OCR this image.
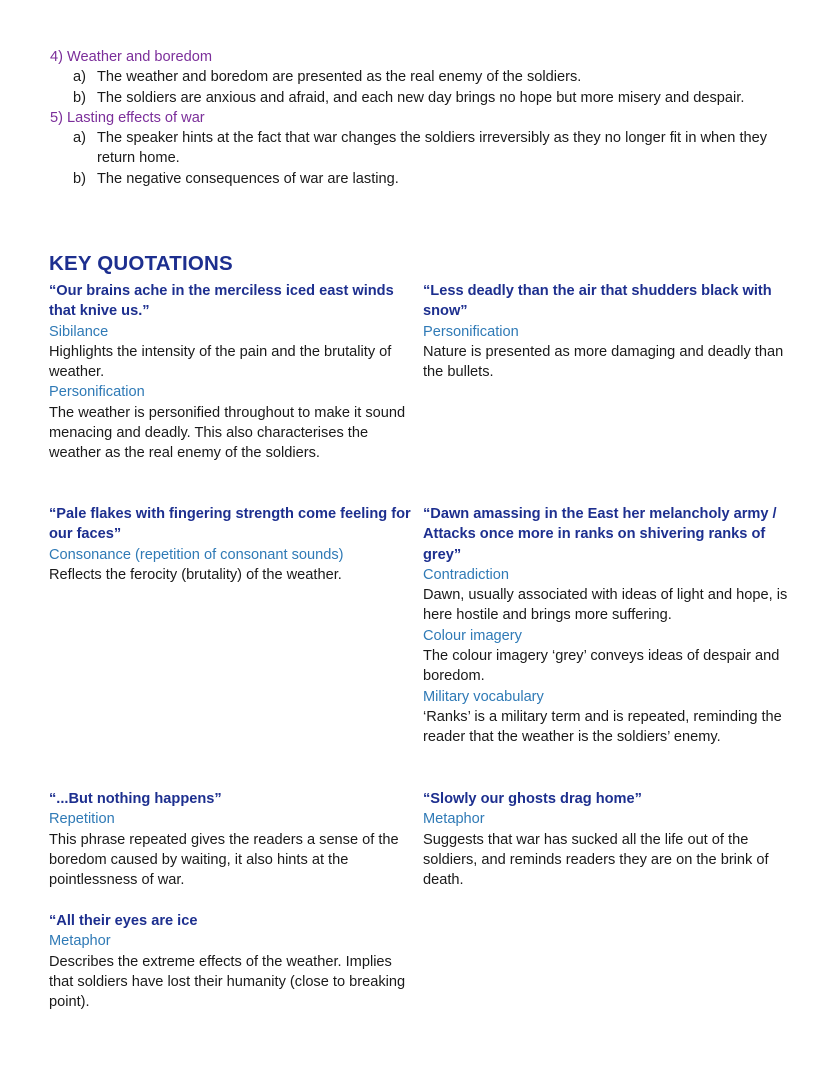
4) Weather and boredom
a) The weather and boredom are presented as the real enemy of the soldiers.
b) The soldiers are anxious and afraid, and each new day brings no hope but more misery and despair.
5) Lasting effects of war
a) The speaker hints at the fact that war changes the soldiers irreversibly as they no longer fit in when they return home.
b) The negative consequences of war are lasting.
KEY QUOTATIONS
“Our brains ache in the merciless iced east winds that knive us.”
Sibilance
Highlights the intensity of the pain and the brutality of weather.
Personification
The weather is personified throughout to make it sound menacing and deadly. This also characterises the weather as the real enemy of the soldiers.
“Less deadly than the air that shudders black with snow”
Personification
Nature is presented as more damaging and deadly than the bullets.
“Pale flakes with fingering strength come feeling for our faces”
Consonance (repetition of consonant sounds)
Reflects the ferocity (brutality) of the weather.
“Dawn amassing in the East her melancholy army / Attacks once more in ranks on shivering ranks of grey”
Contradiction
Dawn, usually associated with ideas of light and hope, is here hostile and brings more suffering.
Colour imagery
The colour imagery ‘grey’ conveys ideas of despair and boredom.
Military vocabulary
‘Ranks’ is a military term and is repeated, reminding the reader that the weather is the soldiers’ enemy.
“...But nothing happens”
Repetition
This phrase repeated gives the readers a sense of the boredom caused by waiting, it also hints at the pointlessness of war.
“Slowly our ghosts drag home”
Metaphor
Suggests that war has sucked all the life out of the soldiers, and reminds readers they are on the brink of death.
“All their eyes are ice
Metaphor
Describes the extreme effects of the weather. Implies that soldiers have lost their humanity (close to breaking point).
